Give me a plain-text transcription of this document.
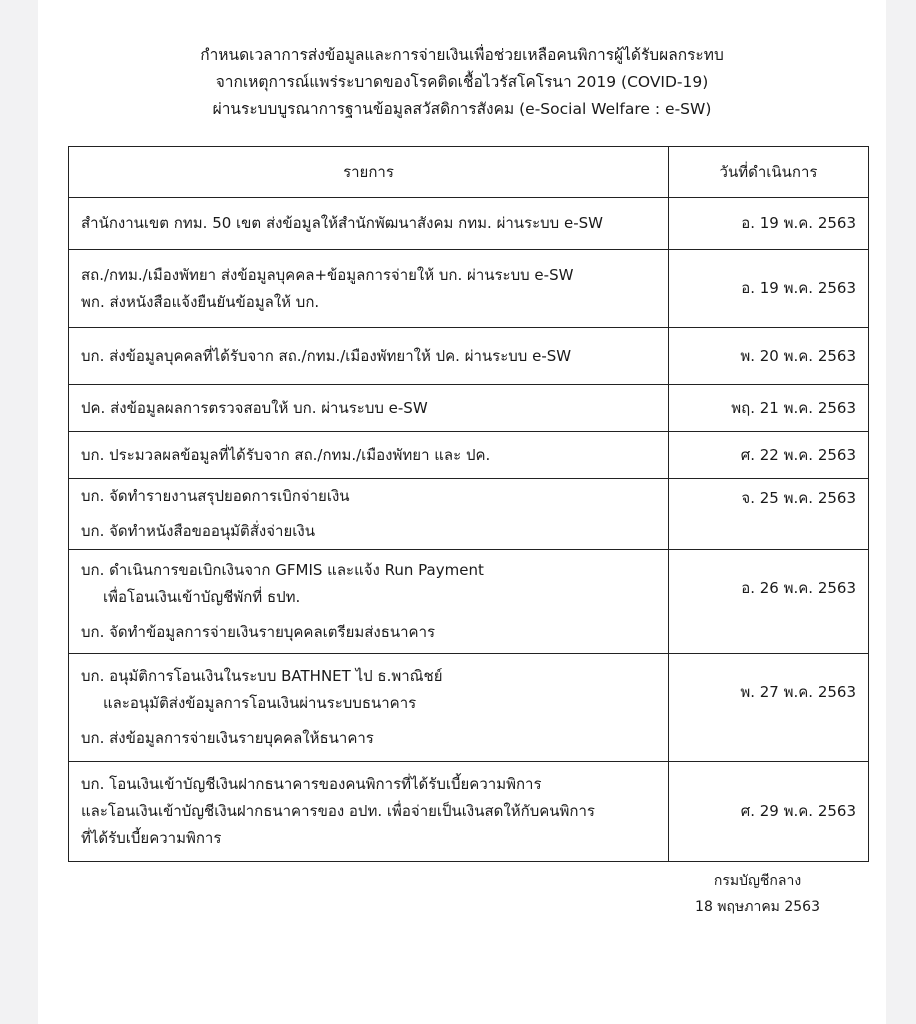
กำหนดเวลาการส่งข้อมูลและการจ่ายเงินเพื่อช่วยเหลือคนพิการผู้ได้รับผลกระทบ
จากเหตุการณ์แพร่ระบาดของโรคติดเชื้อไวรัสโคโรนา 2019 (COVID-19)
ผ่านระบบบูรณาการฐานข้อมูลสวัสดิการสังคม (e-Social Welfare : e-SW)
รายการ	วันที่ดำเนินการ

สำนักงานเขต กทม. 50 เขต ส่งข้อมูลให้สำนักพัฒนาสังคม กทม. ผ่านระบบ e-SW	อ. 19 พ.ค. 2563

สถ./กทม./เมืองพัทยา ส่งข้อมูลบุคคล+ข้อมูลการจ่ายให้ บก. ผ่านระบบ e-SW
พก. ส่งหนังสือแจ้งยืนยันข้อมูลให้ บก.	อ. 19 พ.ค. 2563

บก. ส่งข้อมูลบุคคลที่ได้รับจาก สถ./กทม./เมืองพัทยาให้ ปค. ผ่านระบบ e-SW	พ. 20 พ.ค. 2563

ปค. ส่งข้อมูลผลการตรวจสอบให้ บก. ผ่านระบบ e-SW	พฤ. 21 พ.ค. 2563

บก. ประมวลผลข้อมูลที่ได้รับจาก สถ./กทม./เมืองพัทยา และ ปค.	ศ. 22 พ.ค. 2563

บก. จัดทำรายงานสรุปยอดการเบิกจ่ายเงิน
บก. จัดทำหนังสือขออนุมัติสั่งจ่ายเงิน	จ. 25 พ.ค. 2563

บก. ดำเนินการขอเบิกเงินจาก GFMIS และแจ้ง Run Payment
เพื่อโอนเงินเข้าบัญชีพักที่ ธปท.
บก. จัดทำข้อมูลการจ่ายเงินรายบุคคลเตรียมส่งธนาคาร	อ. 26 พ.ค. 2563

บก. อนุมัติการโอนเงินในระบบ BATHNET ไป ธ.พาณิชย์
และอนุมัติส่งข้อมูลการโอนเงินผ่านระบบธนาคาร
บก. ส่งข้อมูลการจ่ายเงินรายบุคคลให้ธนาคาร	พ. 27 พ.ค. 2563

บก. โอนเงินเข้าบัญชีเงินฝากธนาคารของคนพิการที่ได้รับเบี้ยความพิการ
และโอนเงินเข้าบัญชีเงินฝากธนาคารของ อปท. เพื่อจ่ายเป็นเงินสดให้กับคนพิการ
ที่ได้รับเบี้ยความพิการ	ศ. 29 พ.ค. 2563
กรมบัญชีกลาง
18 พฤษภาคม 2563
